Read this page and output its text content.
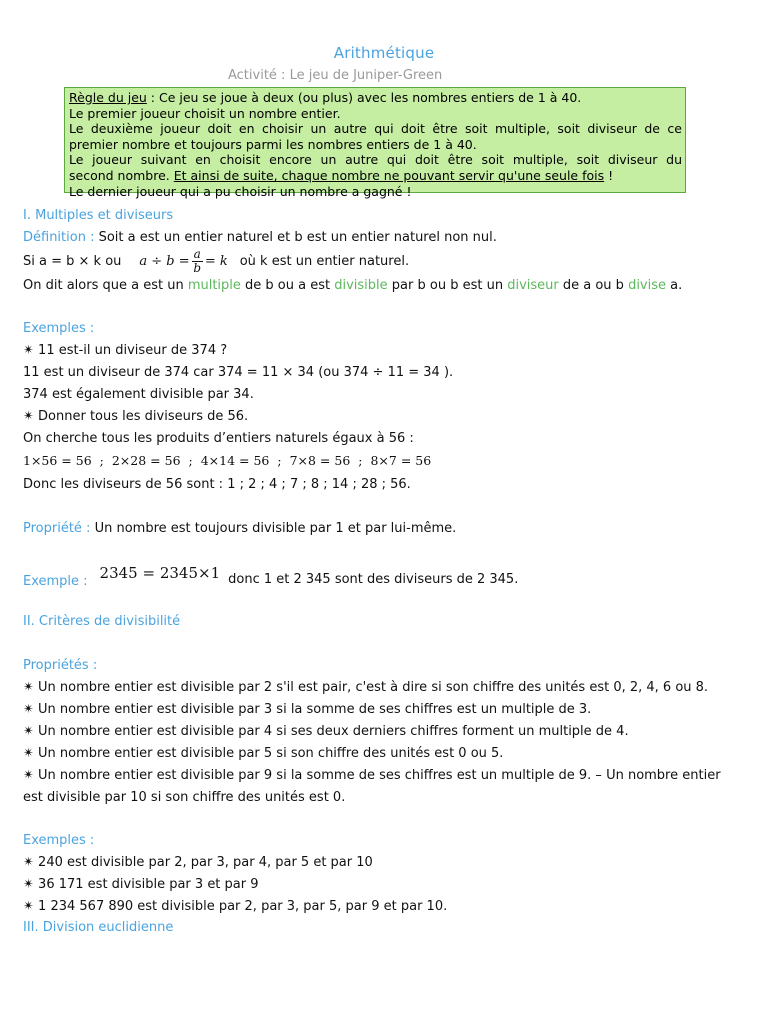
Arithmétique
Activité : Le jeu de Juniper-Green
Règle du jeu : Ce jeu se joue à deux (ou plus) avec les nombres entiers de 1 à 40.
Le premier joueur choisit un nombre entier.
Le deuxième joueur doit en choisir un autre qui doit être soit multiple, soit diviseur de ce
premier nombre et toujours parmi les nombres entiers de 1 à 40.
Le joueur suivant en choisit encore un autre qui doit être soit multiple, soit diviseur du
second nombre. Et ainsi de suite, chaque nombre ne pouvant servir qu'une seule fois !
Le dernier joueur qui a pu choisir un nombre a gagné !
I. Multiples et diviseurs
Définition : Soit a est un entier naturel et b est un entier naturel non nul.
Si a = b × k ou $a \div b = \frac{a}{b} = k$ où k est un entier naturel.
On dit alors que a est un multiple de b ou a est divisible par b ou b est un diviseur de a ou b divise a.
Exemples :
✴ 11 est-il un diviseur de 374 ?
11 est un diviseur de 374 car 374 = 11 × 34 (ou 374 ÷ 11 = 34 ).
374 est également divisible par 34.
✴ Donner tous les diviseurs de 56.
On cherche tous les produits d’entiers naturels égaux à 56 :
1×56 = 56 ; 2×28 = 56 ; 4×14 = 56 ; 7×8 = 56 ; 8×7 = 56
Donc les diviseurs de 56 sont : 1 ; 2 ; 4 ; 7 ; 8 ; 14 ; 28 ; 56.
Propriété : Un nombre est toujours divisible par 1 et par lui-même.
Exemple : 2345 = 2345×1 donc 1 et 2 345 sont des diviseurs de 2 345.
II. Critères de divisibilité
Propriétés :
✴ Un nombre entier est divisible par 2 s'il est pair, c'est à dire si son chiffre des unités est 0, 2, 4, 6 ou 8.
✴ Un nombre entier est divisible par 3 si la somme de ses chiffres est un multiple de 3.
✴ Un nombre entier est divisible par 4 si ses deux derniers chiffres forment un multiple de 4.
✴ Un nombre entier est divisible par 5 si son chiffre des unités est 0 ou 5.
✴ Un nombre entier est divisible par 9 si la somme de ses chiffres est un multiple de 9. – Un nombre entier
est divisible par 10 si son chiffre des unités est 0.
Exemples :
✴ 240 est divisible par 2, par 3, par 4, par 5 et par 10
✴ 36 171 est divisible par 3 et par 9
✴ 1 234 567 890 est divisible par 2, par 3, par 5, par 9 et par 10.
III. Division euclidienne
